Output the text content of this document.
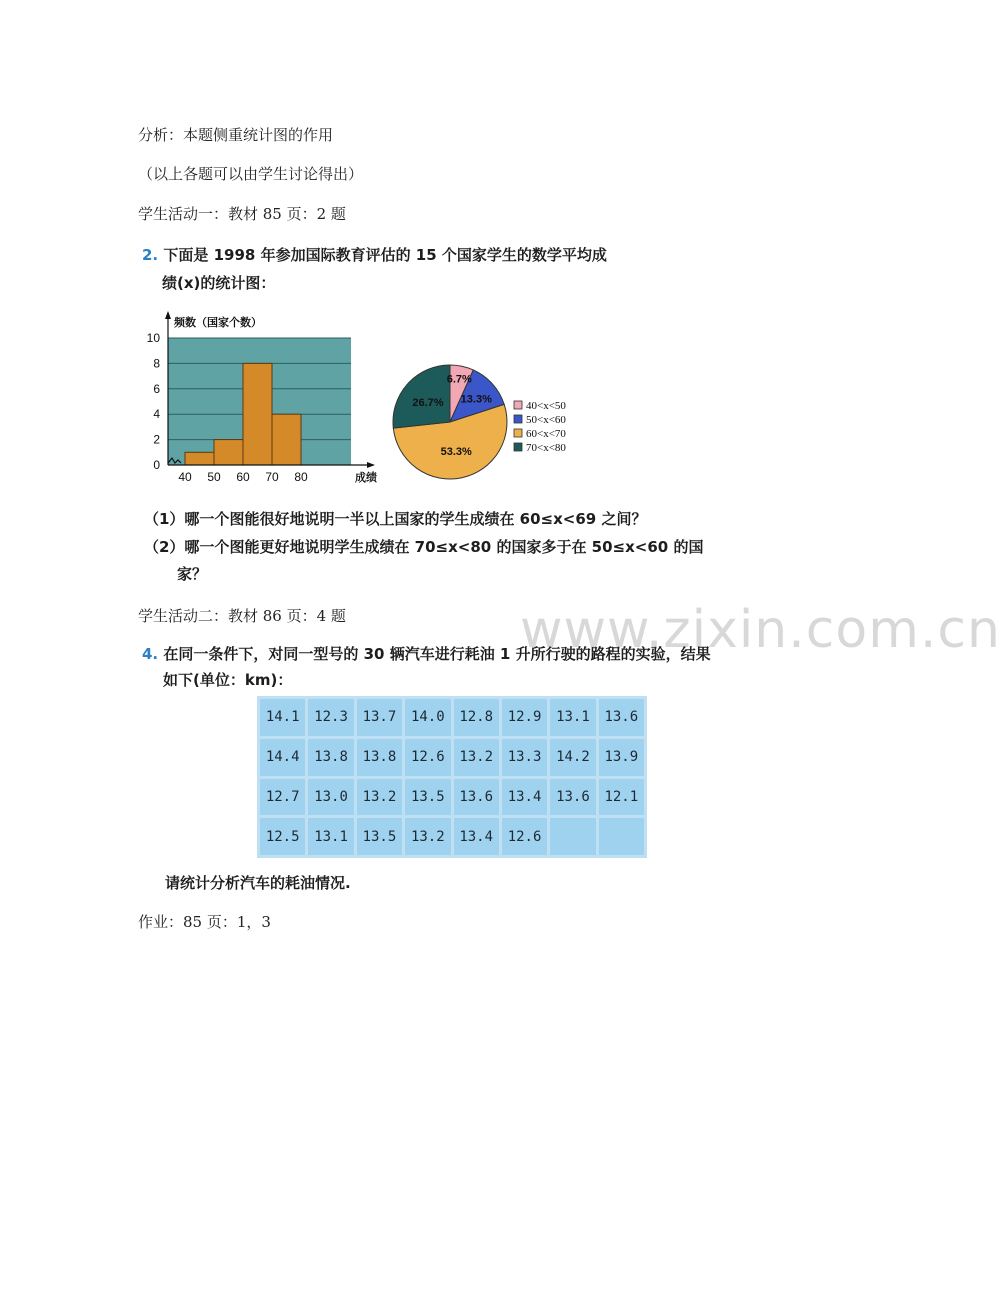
分析：本题侧重统计图的作用
（以上各题可以由学生讨论得出）
学生活动一：教材 85 页：2 题
2. 下面是 1998 年参加国际教育评估的 15 个国家学生的数学平均成
绩(x)的统计图：
0
2
4
6
8
10
40 50 60 70 80
频数（国家个数）
成绩
6.7%
13.3%
53.3%
26.7%	40<x<50
50<x<60
60<x<70
70<x<80
（1）哪一个图能很好地说明一半以上国家的学生成绩在 60≤x<69 之间？
（2）哪一个图能更好地说明学生成绩在 70≤x<80 的国家多于在 50≤x<60 的国
家？
学生活动二：教材 86 页：4 题	www.zixin.com.cn
4. 在同一条件下，对同一型号的 30 辆汽车进行耗油 1 升所行驶的路程的实验，结果
如下(单位：km)：
14.1	12.3	13.7	14.0	12.8	12.9	13.1	13.6
14.4	13.8	13.8	12.6	13.2	13.3	14.2	13.9
12.7	13.0	13.2	13.5	13.6	13.4	13.6	12.1
12.5	13.1	13.5	13.2	13.4	12.6		
请统计分析汽车的耗油情况.
作业：85 页：1，3
